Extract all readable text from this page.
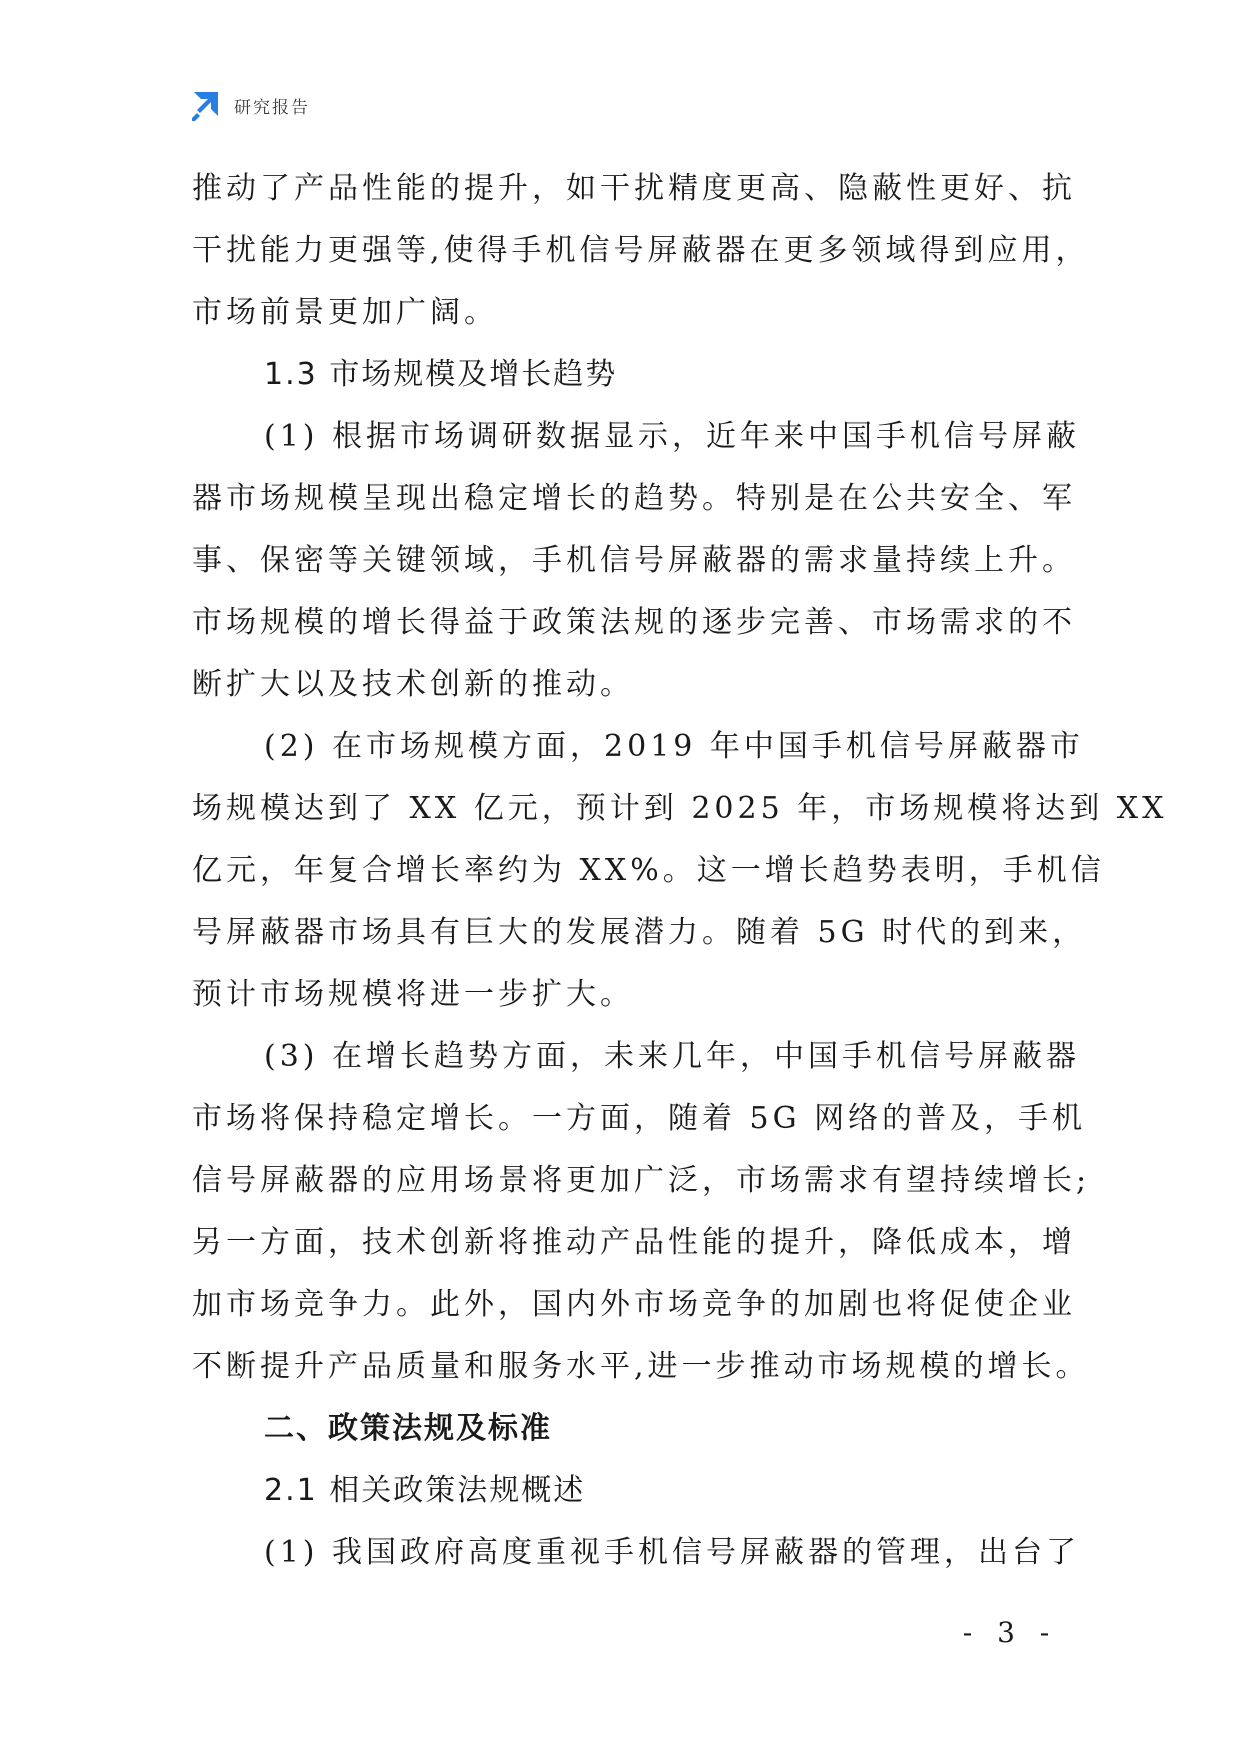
研究报告
推动了产品性能的提升，如干扰精度更高、隐蔽性更好、抗
干扰能力更强等,使得手机信号屏蔽器在更多领域得到应用，
市场前景更加广阔。
1.3 市场规模及增长趋势
(1) 根据市场调研数据显示，近年来中国手机信号屏蔽
器市场规模呈现出稳定增长的趋势。特别是在公共安全、军
事、保密等关键领域，手机信号屏蔽器的需求量持续上升。
市场规模的增长得益于政策法规的逐步完善、市场需求的不
断扩大以及技术创新的推动。
(2) 在市场规模方面，2019 年中国手机信号屏蔽器市
场规模达到了 XX 亿元，预计到 2025 年，市场规模将达到 XX
亿元，年复合增长率约为 XX%。这一增长趋势表明，手机信
号屏蔽器市场具有巨大的发展潜力。随着 5G 时代的到来，
预计市场规模将进一步扩大。
(3) 在增长趋势方面，未来几年，中国手机信号屏蔽器
市场将保持稳定增长。一方面，随着 5G 网络的普及，手机
信号屏蔽器的应用场景将更加广泛，市场需求有望持续增长;
另一方面，技术创新将推动产品性能的提升，降低成本，增
加市场竞争力。此外，国内外市场竞争的加剧也将促使企业
不断提升产品质量和服务水平,进一步推动市场规模的增长。
二、政策法规及标准
2.1 相关政策法规概述
(1) 我国政府高度重视手机信号屏蔽器的管理，出台了
- 3 -
